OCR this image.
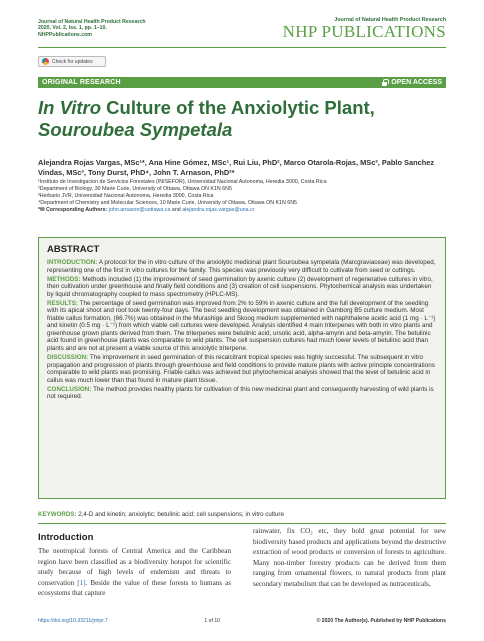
Journal of Natural Health Product Research
2020, Vol. 2, Iss. 1, pp. 1–10.
NHPPublications.com
Journal of Natural Health Product Research
NHP PUBLICATIONS
Check for updates
ORIGINAL RESEARCH	OPEN ACCESS
In Vitro Culture of the Anxiolytic Plant,
Souroubea Sympetala
Alejandra Rojas Vargas, MSc¹*, Ana Hine Gómez, MSc¹, Rui Liu, PhD², Marco Otarola-Rojas, MSc³, Pablo Sanchez Vindas, MSc³, Tony Durst, PhD⁴, John T. Arnason, PhD²*
¹Instituto de Investigacion de Servicios Forestales (INISEFOR), Universidad Nacional Autonoma, Heredia 3000, Costa Rica
²Department of Biology, 30 Marie Curie, University of Ottawa, Ottawa ON K1N 6N5
³Herbario JVR, Universidad Nacional Autonoma, Heredia 3000, Costa Rica
⁴Department of Chemistry and Molecular Sciences, 10 Marie Curie, University of Ottawa, Ottawa ON K1N 6N5
*✉ Corresponding Authors: john.arnason@uottawa.ca and alejandra.rojas.vargas@una.cr
ABSTRACT

INTRODUCTION: A protocol for the in vitro culture of the anxiolytic medicinal plant Souroubea sympetala (Marcgraviaceae) was developed, representing one of the first in vitro cultures for the family. This species was previously very difficult to cultivate from seed or cuttings.

METHODS: Methods included (1) the improvement of seed germination by axenic culture (2) development of regenerative cultures in vitro, then cultivation under greenhouse and finally field conditions and (3) creation of cell suspensions. Phytochemical analysis was undertaken by liquid chromatography coupled to mass spectrometry (HPLC-MS).

RESULTS: The percentage of seed germination was improved from 2% to 59% in axenic culture and the full development of the seedling with its apical shoot and root took twenty-four days. The best seedling development was obtained in Gamborg B5 culture medium. Most friable callus formation, (66.7%) was obtained in the Murashige and Skoog medium supplemented with naphthalene acetic acid (1 mg · L⁻¹) and kinetin (0.5 mg · L⁻¹) from which viable cell cultures were developed. Analysis identified 4 main triterpenes with both in vitro plants and greenhouse grown plants derived from them. The triterpenes were betulinic acid, ursolic acid, alpha-amyrin and beta-amyrin. The betulinic acid found in greenhouse plants was comparable to wild plants. The cell suspension cultures had much lower levels of betulinic acid than plants and are not at present a viable source of this anxiolytic triterpene.

DISCUSSION: The improvement in seed germination of this recalcitrant tropical species was highly successful. The subsequent in vitro propagation and progression of plants through greenhouse and field conditions to provide mature plants with active principle concentrations comparable to wild plants was promising. Friable callus was achieved but phytochemical analysis showed that the level of betulinic acid in callus was much lower than that found in mature plant tissue.

CONCLUSION: The method provides healthy plants for cultivation of this new medicinal plant and consequently harvesting of wild plants is not required.

KEYWORDS: 2,4-D and kinetin; anxiolytic; betulinic acid; cell suspensions; in vitro culture
Introduction

The neotropical forests of Central America and the Caribbean region have been classified as a biodiversity hotspot for scientific study because of high levels of endemism and threats to conservation [1]. Beside the value of these forests to humans as ecosystems that capture

rainwater, fix CO₂ etc, they hold great potential for new biodiversity based products and applications beyond the destructive extraction of wood products or conversion of forests to agriculture. Many non-timber forestry products can be derived from them ranging from ornamental flowers, to natural products from plant secondary metabolism that can be developed as nutraceuticals,

https://doi.org/10.33211/jnhpr.7	1 of 10	© 2020 The Author(s). Published by NHP Publications
